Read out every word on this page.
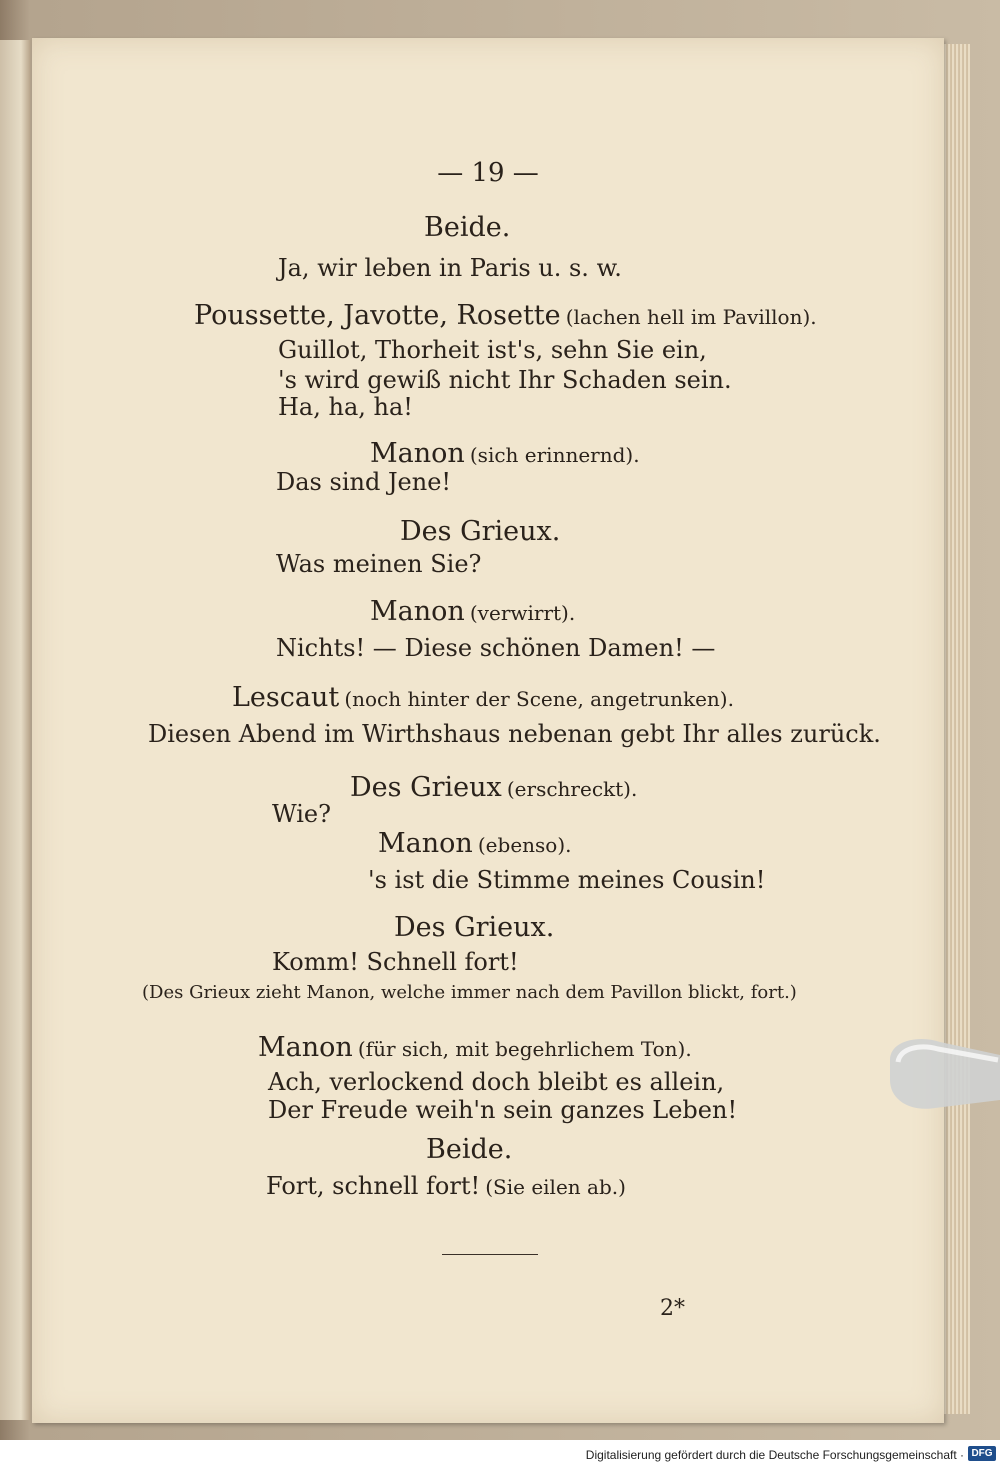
— 19 —
Beide.
Ja, wir leben in Paris u. s. w.
Poussette, Javotte, Rosette (lachen hell im Pavillon).
Guillot, Thorheit ist's, sehn Sie ein,
's wird gewiß nicht Ihr Schaden sein.
Ha, ha, ha!
Manon (sich erinnernd).
Das sind Jene!
Des Grieux.
Was meinen Sie?
Manon (verwirrt).
Nichts! — Diese schönen Damen! —
Lescaut (noch hinter der Scene, angetrunken).
Diesen Abend im Wirthshaus nebenan gebt Ihr alles zurück.
Des Grieux (erschreckt).
Wie?
Manon (ebenso).
's ist die Stimme meines Cousin!
Des Grieux.
Komm! Schnell fort!
(Des Grieux zieht Manon, welche immer nach dem Pavillon blickt, fort.)
Manon (für sich, mit begehrlichem Ton).
Ach, verlockend doch bleibt es allein,
Der Freude weih'n sein ganzes Leben!
Beide.
Fort, schnell fort! (Sie eilen ab.)
2*
Digitalisierung gefördert durch die Deutsche Forschungsgemeinschaft · DFG
